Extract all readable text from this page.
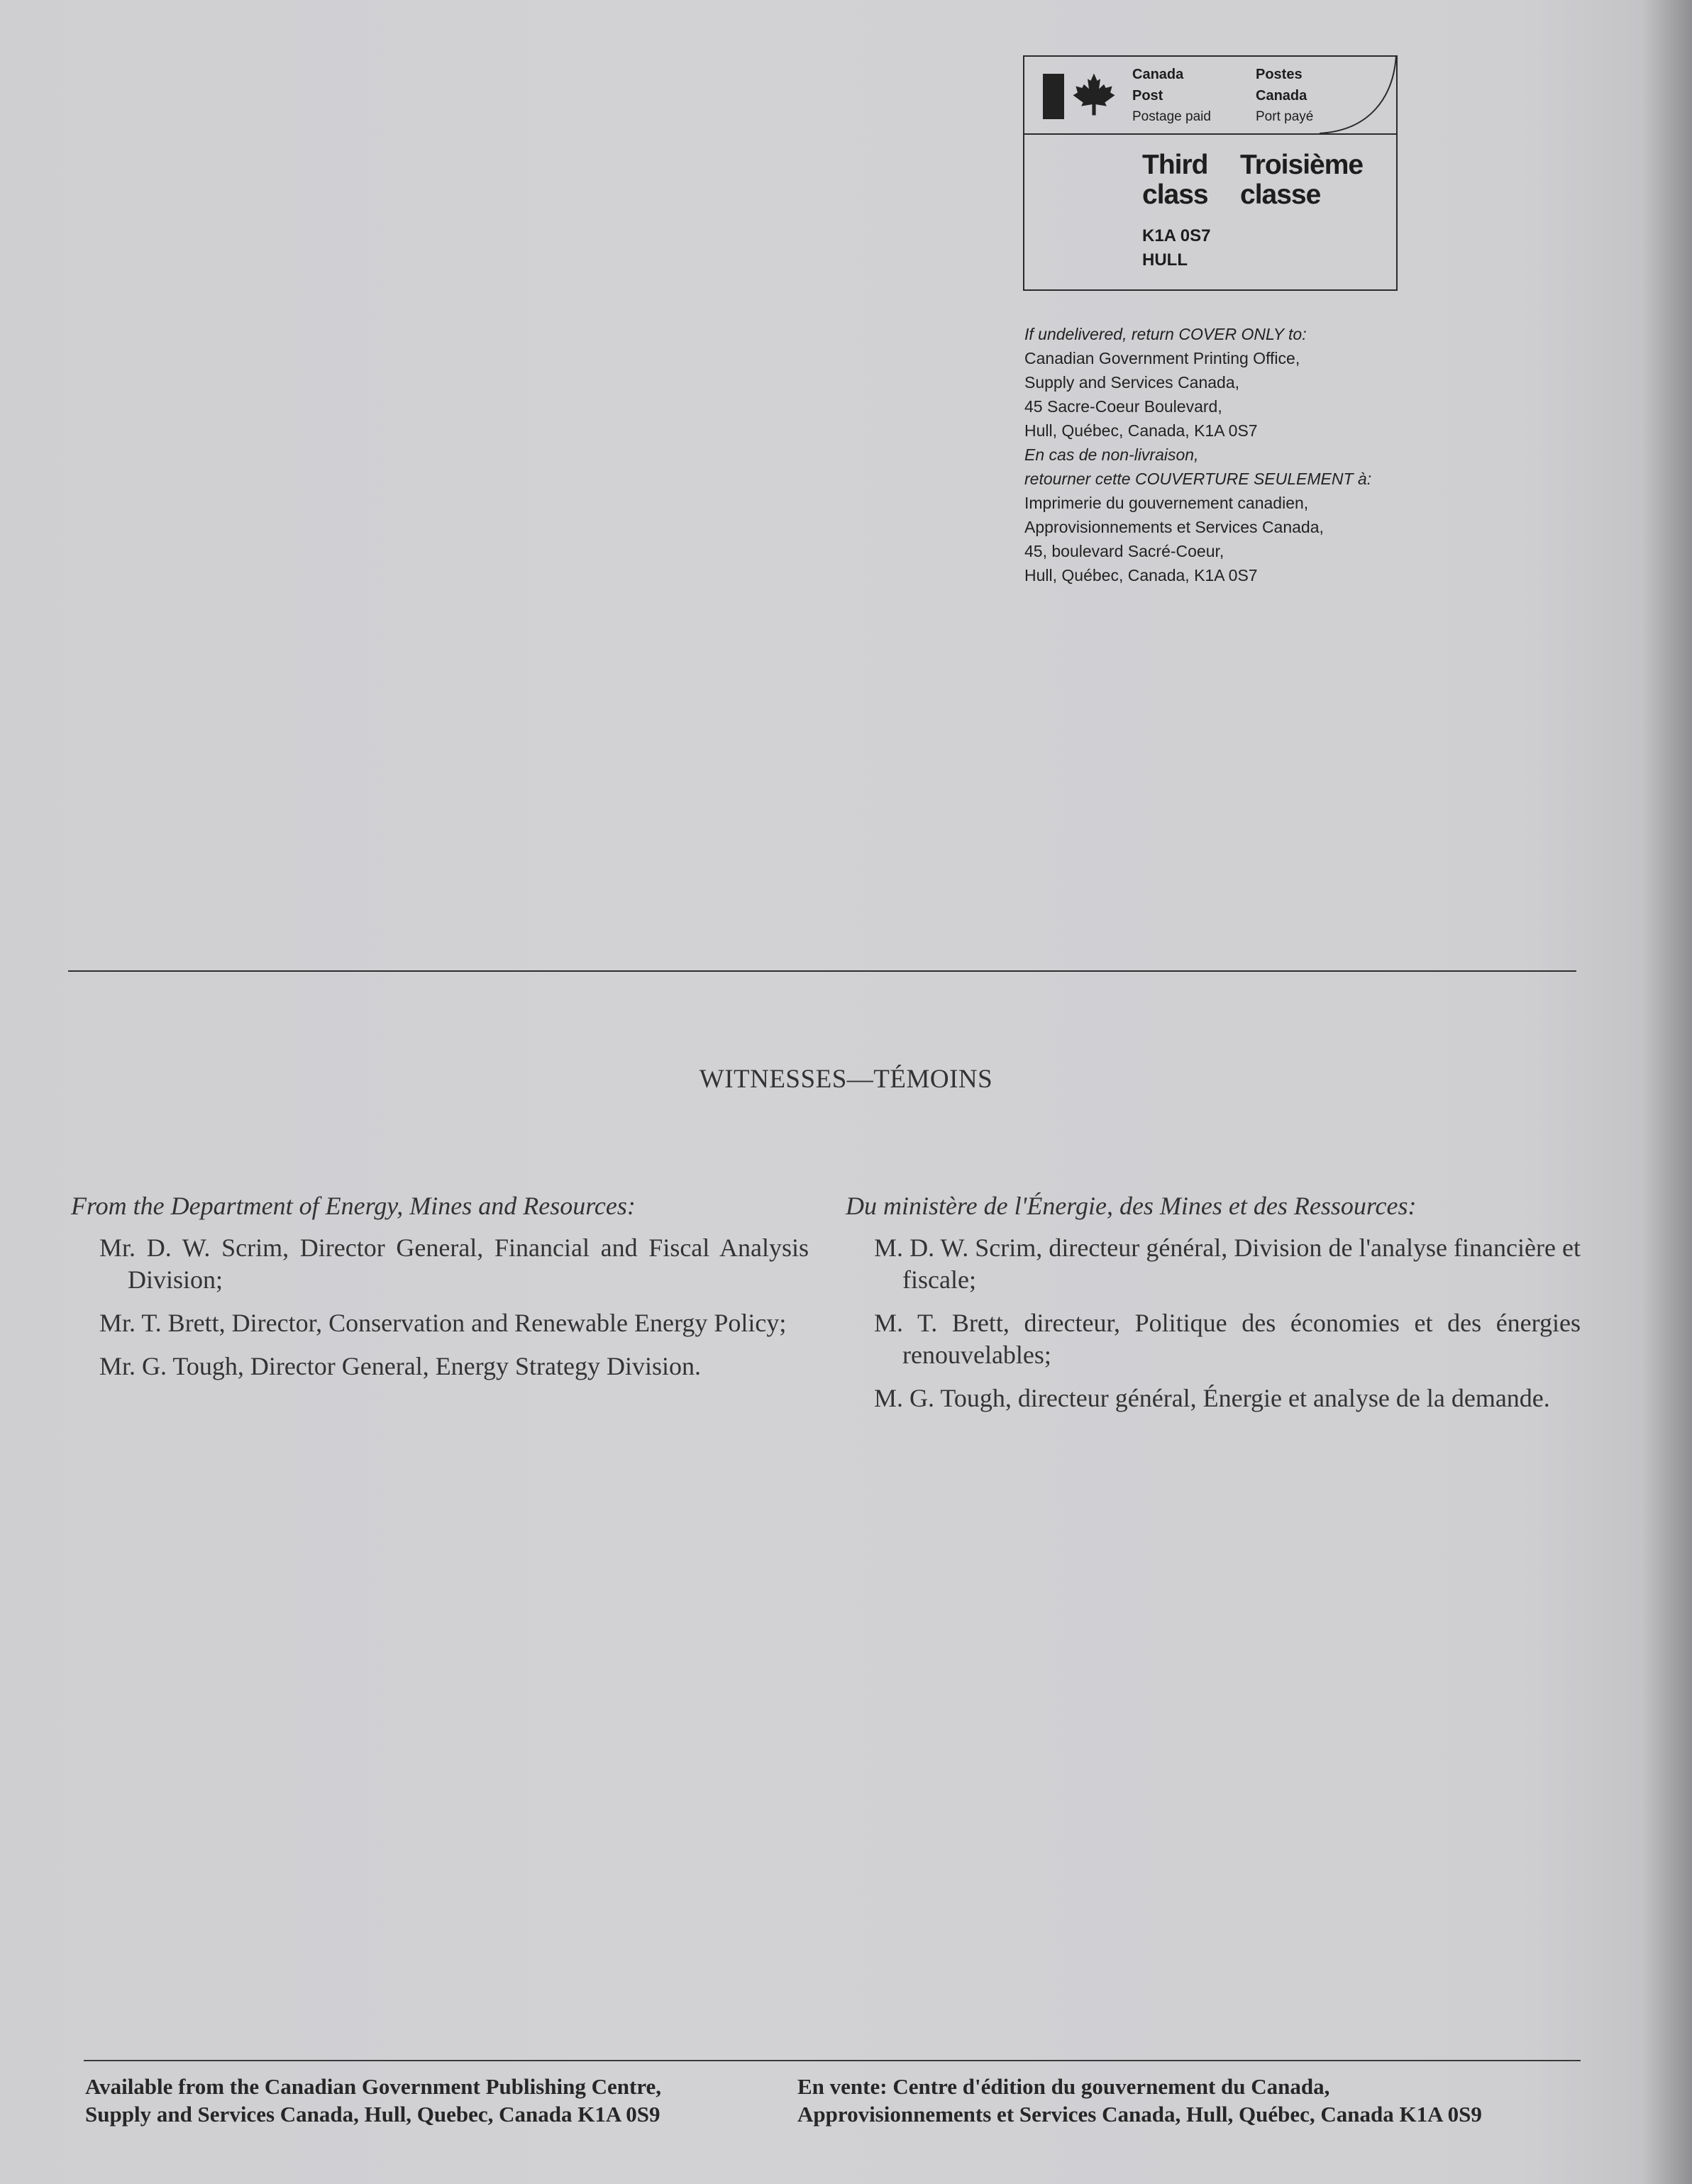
Canada
Post
Postage paid
Postes
Canada
Port payé
Third
class
Troisième
classe
K1A 0S7
HULL
If undelivered, return COVER ONLY to:
Canadian Government Printing Office,
Supply and Services Canada,
45 Sacre-Coeur Boulevard,
Hull, Québec, Canada, K1A 0S7
En cas de non-livraison,
retourner cette COUVERTURE SEULEMENT à:
Imprimerie du gouvernement canadien,
Approvisionnements et Services Canada,
45, boulevard Sacré-Coeur,
Hull, Québec, Canada, K1A 0S7
WITNESSES—TÉMOINS
From the Department of Energy, Mines and Resources:
Mr. D. W. Scrim, Director General, Financial and Fiscal Analysis Division;
Mr. T. Brett, Director, Conservation and Renewable Energy Policy;
Mr. G. Tough, Director General, Energy Strategy Division.
Du ministère de l'Énergie, des Mines et des Ressources:
M. D. W. Scrim, directeur général, Division de l'analyse financière et fiscale;
M. T. Brett, directeur, Politique des économies et des énergies renouvelables;
M. G. Tough, directeur général, Énergie et analyse de la demande.
Available from the Canadian Government Publishing Centre,
Supply and Services Canada, Hull, Quebec, Canada K1A 0S9
En vente: Centre d'édition du gouvernement du Canada,
Approvisionnements et Services Canada, Hull, Québec, Canada K1A 0S9
